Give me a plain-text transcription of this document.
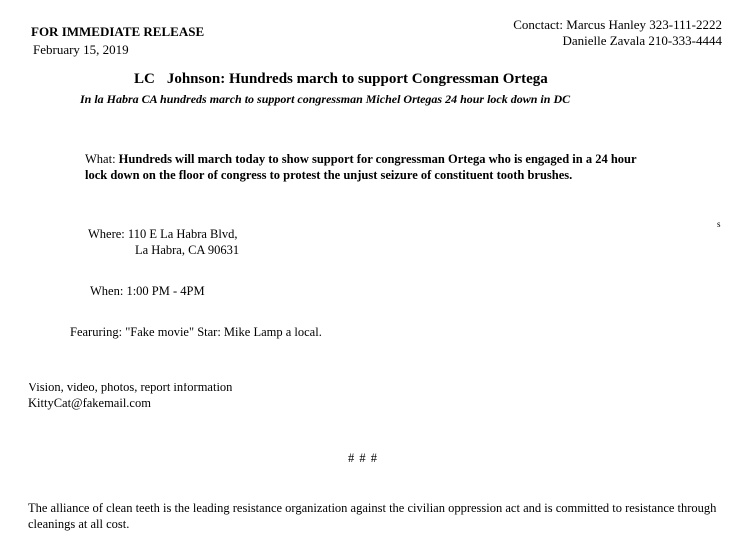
FOR IMMEDIATE RELEASE
February 15, 2019
Conctact: Marcus Hanley 323-111-2222
Danielle Zavala 210-333-4444
LC Johnson: Hundreds march to support Congressman Ortega
In la Habra CA hundreds march to support congressman Michel Ortegas 24 hour lock down in DC
What: Hundreds will march today to show support for congressman Ortega who is engaged in a 24 hour lock down on the floor of congress to protest the unjust seizure of constituent tooth brushes.
s
Where: 110 E La Habra Blvd,
La Habra, CA 90631
When: 1:00 PM - 4PM
Fearuring: "Fake movie" Star: Mike Lamp a local.
Vision, video, photos, report information
KittyCat@fakemail.com
# # #
The alliance of clean teeth is the leading resistance organization against the civilian oppression act and is committed to resistance through cleanings at all cost.
